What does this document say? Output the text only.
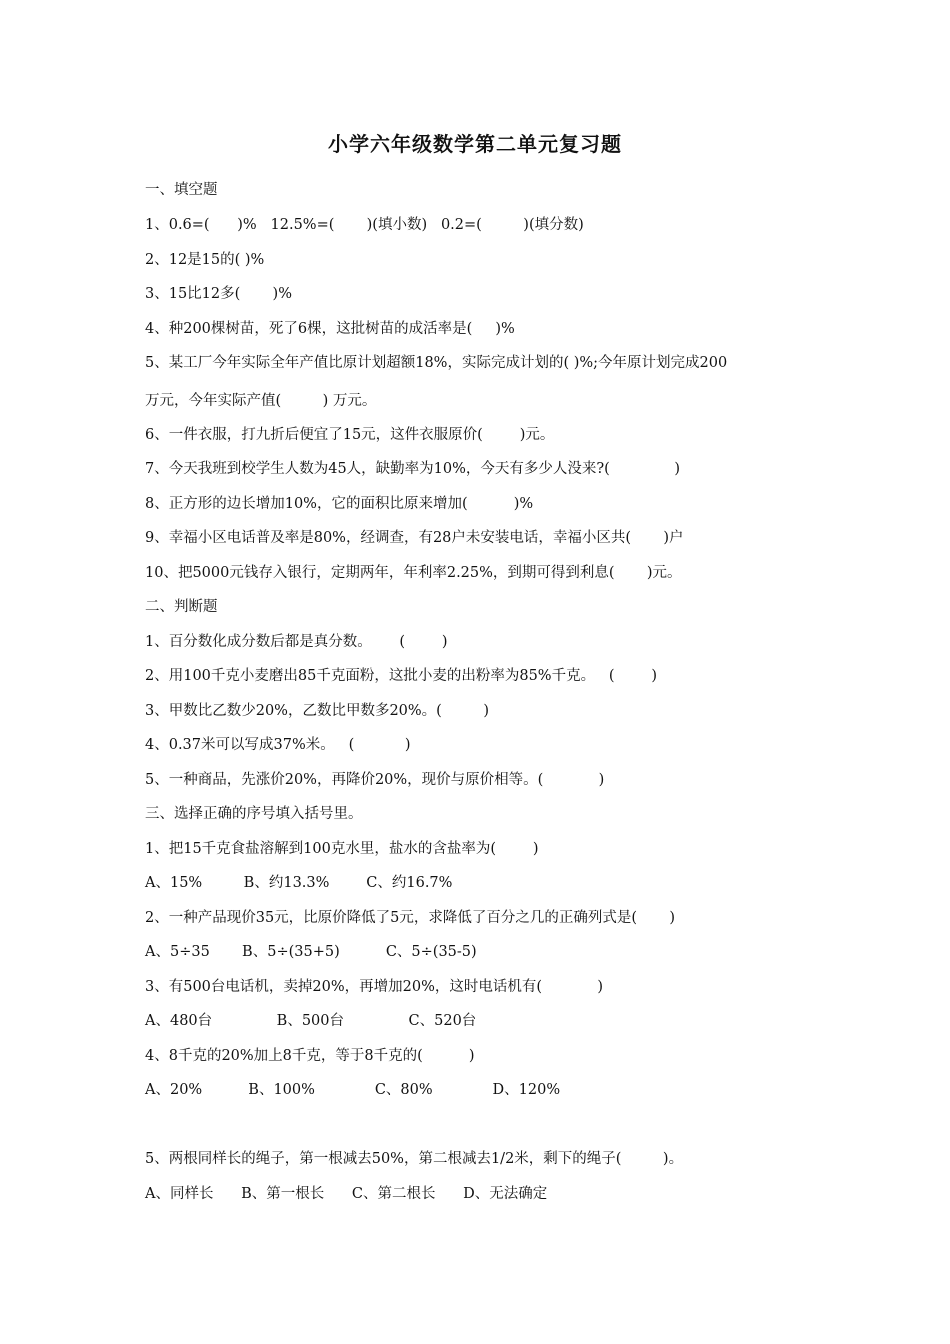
小学六年级数学第二单元复习题
一、填空题
1、0.6=(      )%   12.5%=(       )(填小数)   0.2=(         )(填分数)
2、12是15的( )%
3、15比12多(       )%
4、种200棵树苗，死了6棵，这批树苗的成活率是(     )%
5、某工厂今年实际全年产值比原计划超额18%，实际完成计划的( )%;今年原计划完成200
万元，今年实际产值(         ) 万元。
6、一件衣服，打九折后便宜了15元，这件衣服原价(        )元。
7、今天我班到校学生人数为45人，缺勤率为10%，今天有多少人没来?(              )
8、正方形的边长增加10%，它的面积比原来增加(          )%
9、幸福小区电话普及率是80%，经调查，有28户未安装电话，幸福小区共(       )户
10、把5000元钱存入银行，定期两年，年利率2.25%，到期可得到利息(       )元。
二、判断题
1、百分数化成分数后都是真分数。      (        )
2、用100千克小麦磨出85千克面粉，这批小麦的出粉率为85%千克。   (        )
3、甲数比乙数少20%，乙数比甲数多20%。(         )
4、0.37米可以写成37%米。   (           )
5、一种商品，先涨价20%，再降价20%，现价与原价相等。(            )
三、选择正确的序号填入括号里。
1、把15千克食盐溶解到100克水里，盐水的含盐率为(        )
A、15%         B、约13.3%        C、约16.7%
2、一种产品现价35元，比原价降低了5元，求降低了百分之几的正确列式是(       )
A、5÷35       B、5÷(35+5)          C、5÷(35-5)
3、有500台电话机，卖掉20%，再增加20%，这时电话机有(            )
A、480台              B、500台              C、520台
4、8千克的20%加上8千克，等于8千克的(          )
A、20%          B、100%             C、80%             D、120%
5、两根同样长的绳子，第一根减去50%，第二根减去1/2米，剩下的绳子(         )。
A、同样长      B、第一根长      C、第二根长      D、无法确定
